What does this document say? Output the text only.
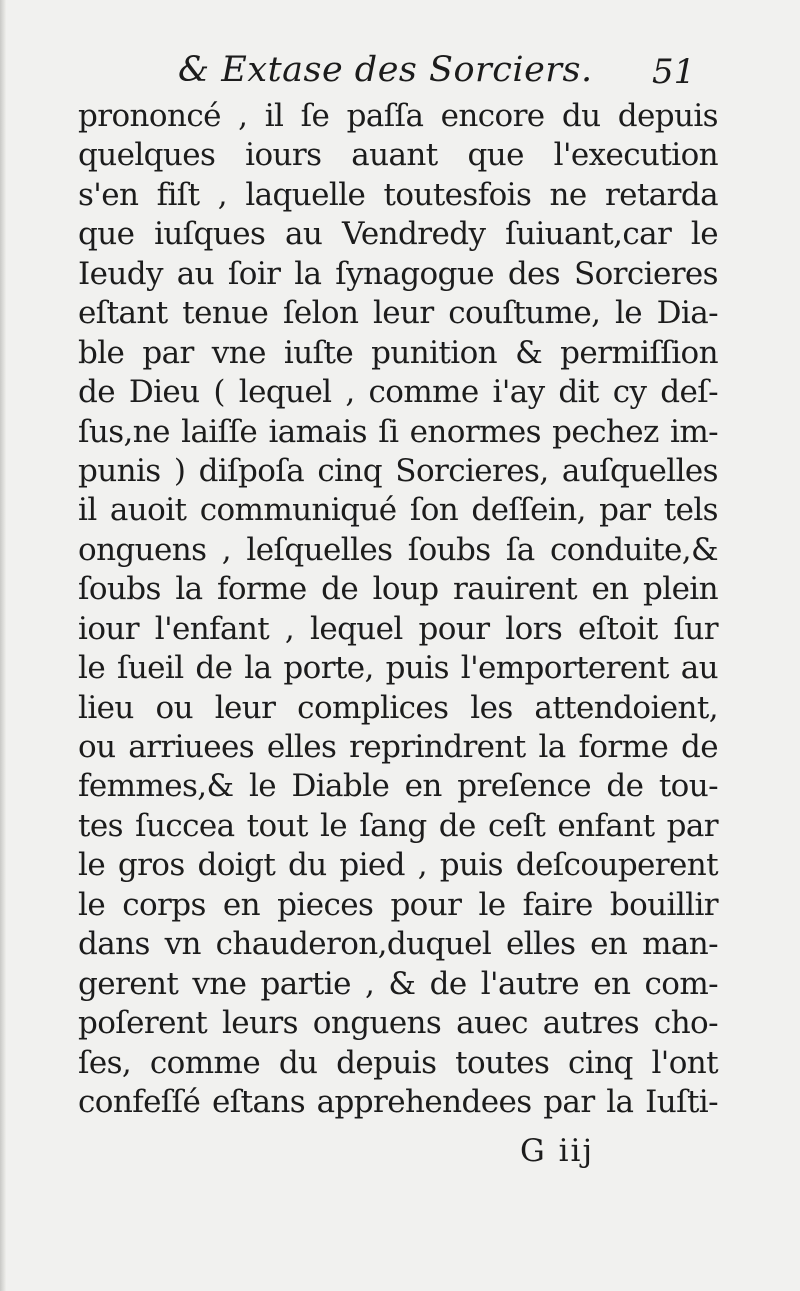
& Extase des Sorciers. 51
prononcé , il ſe paſſa encore du depuis
quelques iours auant que l'execution
s'en fiſt , laquelle toutesfois ne retarda
que iuſques au Vendredy ſuiuant,car le
Ieudy au ſoir la ſynagogue des Sorcieres
eſtant tenue ſelon leur couſtume, le Dia-
ble par vne iuſte punition & permiſſion
de Dieu ( lequel , comme i'ay dit cy deſ-
ſus,ne laiſſe iamais ſi enormes pechez im-
punis ) diſpoſa cinq Sorcieres, auſquelles
il auoit communiqué ſon deſſein, par tels
onguens , leſquelles ſoubs ſa conduite,&
ſoubs la forme de loup rauirent en plein
iour l'enfant , lequel pour lors eſtoit ſur
le ſueil de la porte, puis l'emporterent au
lieu ou leur complices les attendoient,
ou arriuees elles reprindrent la forme de
femmes,& le Diable en preſence de tou-
tes ſuccea tout le ſang de ceſt enfant par
le gros doigt du pied , puis deſcouperent
le corps en pieces pour le faire bouillir
dans vn chauderon,duquel elles en man-
gerent vne partie , & de l'autre en com-
poſerent leurs onguens auec autres cho-
ſes, comme du depuis toutes cinq l'ont
confeſſé eſtans apprehendees par la Iuſti-
G iij
